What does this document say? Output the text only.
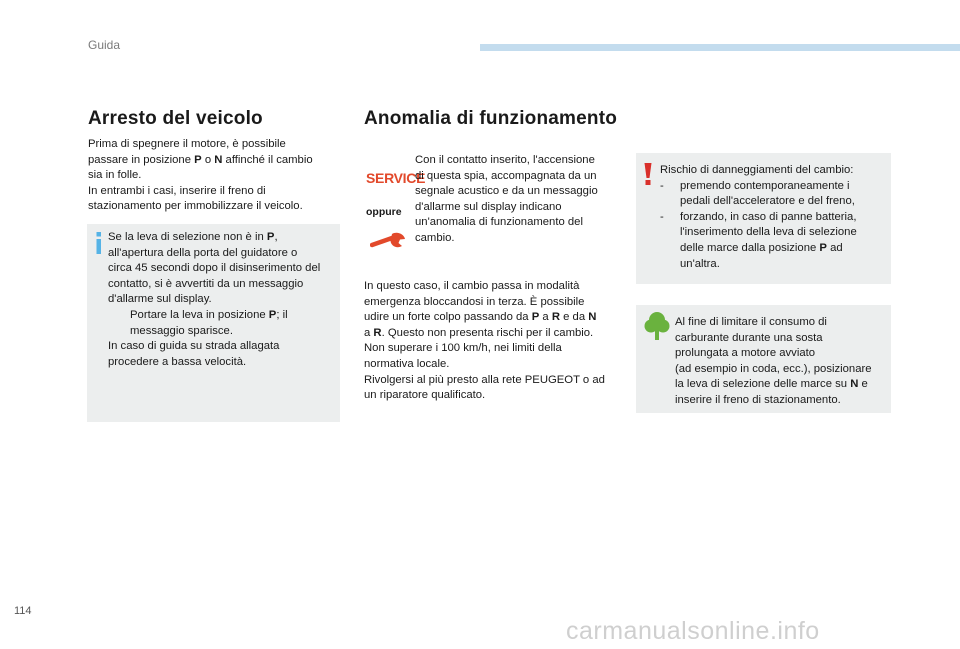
Guida
Arresto del veicolo
Prima di spegnere il motore, è possibile
passare in posizione P o N affinché il cambio
sia in folle.
In entrambi i casi, inserire il freno di
stazionamento per immobilizzare il veicolo.
Se la leva di selezione non è in P,
all'apertura della porta del guidatore o
circa 45 secondi dopo il disinserimento del
contatto, si è avvertiti da un messaggio
d'allarme sul display.
Portare la leva in posizione P; il
messaggio sparisce.
In caso di guida su strada allagata
procedere a bassa velocità.
Anomalia di funzionamento
SERVICE
oppure
Con il contatto inserito, l'accensione
di questa spia, accompagnata da un
segnale acustico e da un messaggio
d'allarme sul display indicano
un'anomalia di funzionamento del
cambio.
In questo caso, il cambio passa in modalità
emergenza bloccandosi in terza. È possibile
udire un forte colpo passando da P a R e da N
a R. Questo non presenta rischi per il cambio.
Non superare i 100 km/h, nei limiti della
normativa locale.
Rivolgersi al più presto alla rete PEUGEOT o ad
un riparatore qualificato.
Rischio di danneggiamenti del cambio:
-	premendo contemporaneamente i
pedali dell'acceleratore e del freno,
-	forzando, in caso di panne batteria,
l'inserimento della leva di selezione
delle marce dalla posizione P ad
un'altra.
Al fine di limitare il consumo di
carburante durante una sosta
prolungata a motore avviato
(ad esempio in coda, ecc.), posizionare
la leva di selezione delle marce su N e
inserire il freno di stazionamento.
114
carmanualsonline.info
